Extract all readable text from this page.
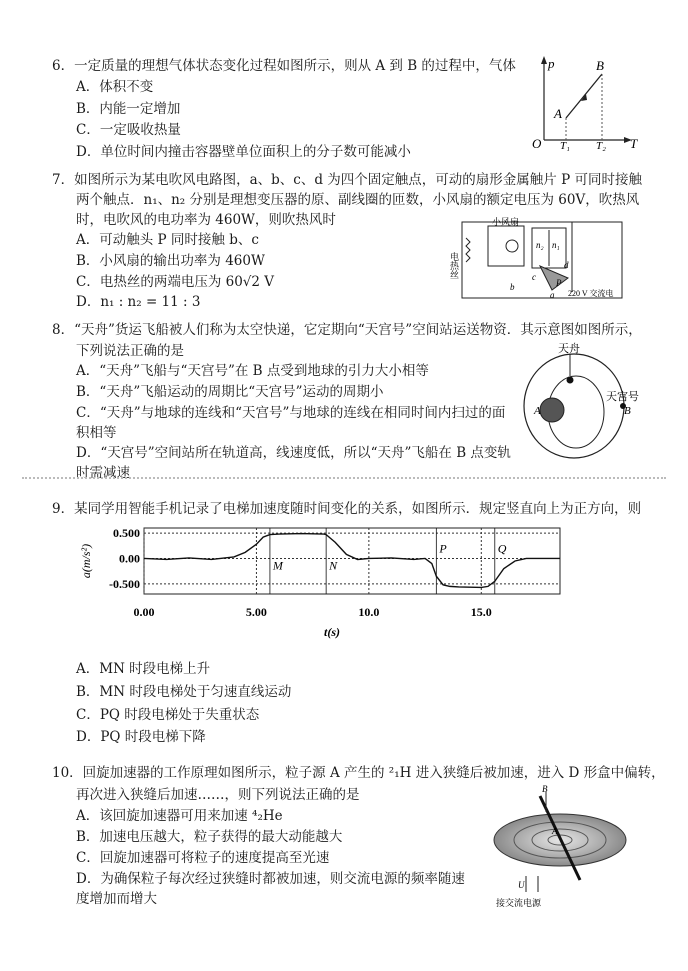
6．一定质量的理想气体状态变化过程如图所示，则从 A 到 B 的过程中，气体
A．体积不变
B．内能一定增加
C．一定吸收热量
D．单位时间内撞击容器壁单位面积上的分子数可能减小
p
T
O
A
B
T₁ T₂
7．如图所示为某电吹风电路图，a、b、c、d 为四个固定触点，可动的扇形金属触片 P 可同时接触
两个触点．n₁、n₂ 分别是理想变压器的原、副线圈的匝数，小风扇的额定电压为 60V，吹热风
时，电吹风的电功率为 460W，则吹热风时
A．可动触头 P 同时接触 b、c
B．小风扇的输出功率为 460W
C．电热丝的两端电压为 60√2 V
D．n₁ : n₂ = 11 : 3
电热丝
小风扇
n₂ n₁
c
d
b
a
P
220 V 交流电
8．“天舟”货运飞船被人们称为太空快递，它定期向“天宫号”空间站运送物资．其示意图如图所示，
下列说法正确的是
A．“天舟”飞船与“天宫号”在 B 点受到地球的引力大小相等
B．“天舟”飞船运动的周期比“天宫号”运动的周期小
C．“天舟”与地球的连线和“天宫号”与地球的连线在相同时间内扫过的面
积相等
D．“天宫号”空间站所在轨道高，线速度低，所以“天舟”飞船在 B 点变轨
时需减速
天舟
天宫号
B
A
9．某同学用智能手机记录了电梯加速度随时间变化的关系，如图所示．规定竖直向上为正方向，则
0.00	5.00	10.0	15.0
0.500
0.00
-0.500
t(s)
a(m/s²)	M	N
P	Q
A．MN 时段电梯上升
B．MN 时段电梯处于匀速直线运动
C．PQ 时段电梯处于失重状态
D．PQ 时段电梯下降
10．回旋加速器的工作原理如图所示，粒子源 A 产生的 ²₁H 进入狭缝后被加速，进入 D 形盒中偏转，
再次进入狭缝后加速……，则下列说法正确的是
A．该回旋加速器可用来加速 ⁴₂He
B．加速电压越大，粒子获得的最大动能越大
C．回旋加速器可将粒子的速度提高至光速
D．为确保粒子每次经过狭缝时都被加速，则交流电源的频率随速
度增加而增大
B
A
U
接交流电源
